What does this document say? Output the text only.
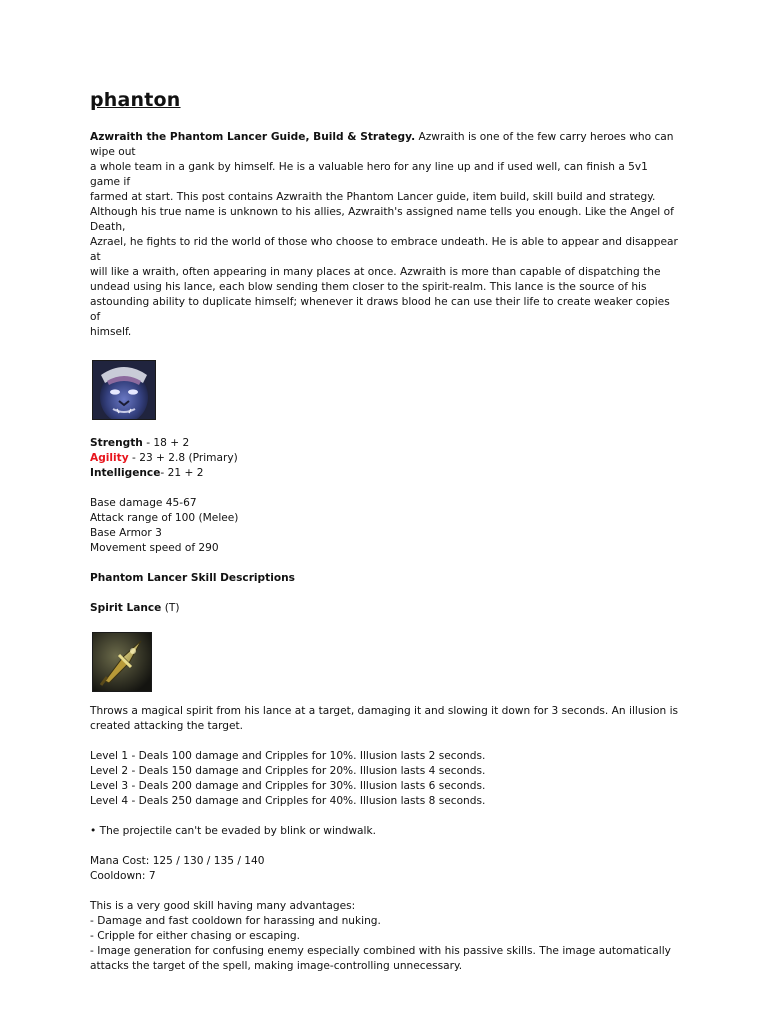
phanton

Azwraith the Phantom Lancer Guide, Build & Strategy. Azwraith is one of the few carry heroes who can wipe out
a whole team in a gank by himself. He is a valuable hero for any line up and if used well, can finish a 5v1 game if
farmed at start. This post contains Azwraith the Phantom Lancer guide, item build, skill build and strategy.
Although his true name is unknown to his allies, Azwraith's assigned name tells you enough. Like the Angel of Death,
Azrael, he fights to rid the world of those who choose to embrace undeath. He is able to appear and disappear at
will like a wraith, often appearing in many places at once. Azwraith is more than capable of dispatching the
undead using his lance, each blow sending them closer to the spirit-realm. This lance is the source of his
astounding ability to duplicate himself; whenever it draws blood he can use their life to create weaker copies of
himself.

Strength - 18 + 2

Agility - 23 + 2.8 (Primary)

Intelligence- 21 + 2

Base damage 45-67

Attack range of 100 (Melee)

Base Armor 3

Movement speed of 290

Phantom Lancer Skill Descriptions

Spirit Lance (T)

Throws a magical spirit from his lance at a target, damaging it and slowing it down for 3 seconds. An illusion is

created attacking the target.

Level 1 - Deals 100 damage and Cripples for 10%. Illusion lasts 2 seconds.

Level 2 - Deals 150 damage and Cripples for 20%. Illusion lasts 4 seconds.

Level 3 - Deals 200 damage and Cripples for 30%. Illusion lasts 6 seconds.

Level 4 - Deals 250 damage and Cripples for 40%. Illusion lasts 8 seconds.

• The projectile can't be evaded by blink or windwalk.

Mana Cost: 125 / 130 / 135 / 140

Cooldown: 7

This is a very good skill having many advantages:

- Damage and fast cooldown for harassing and nuking.

- Cripple for either chasing or escaping.

- Image generation for confusing enemy especially combined with his passive skills. The image automatically

attacks the target of the spell, making image-controlling unnecessary.
